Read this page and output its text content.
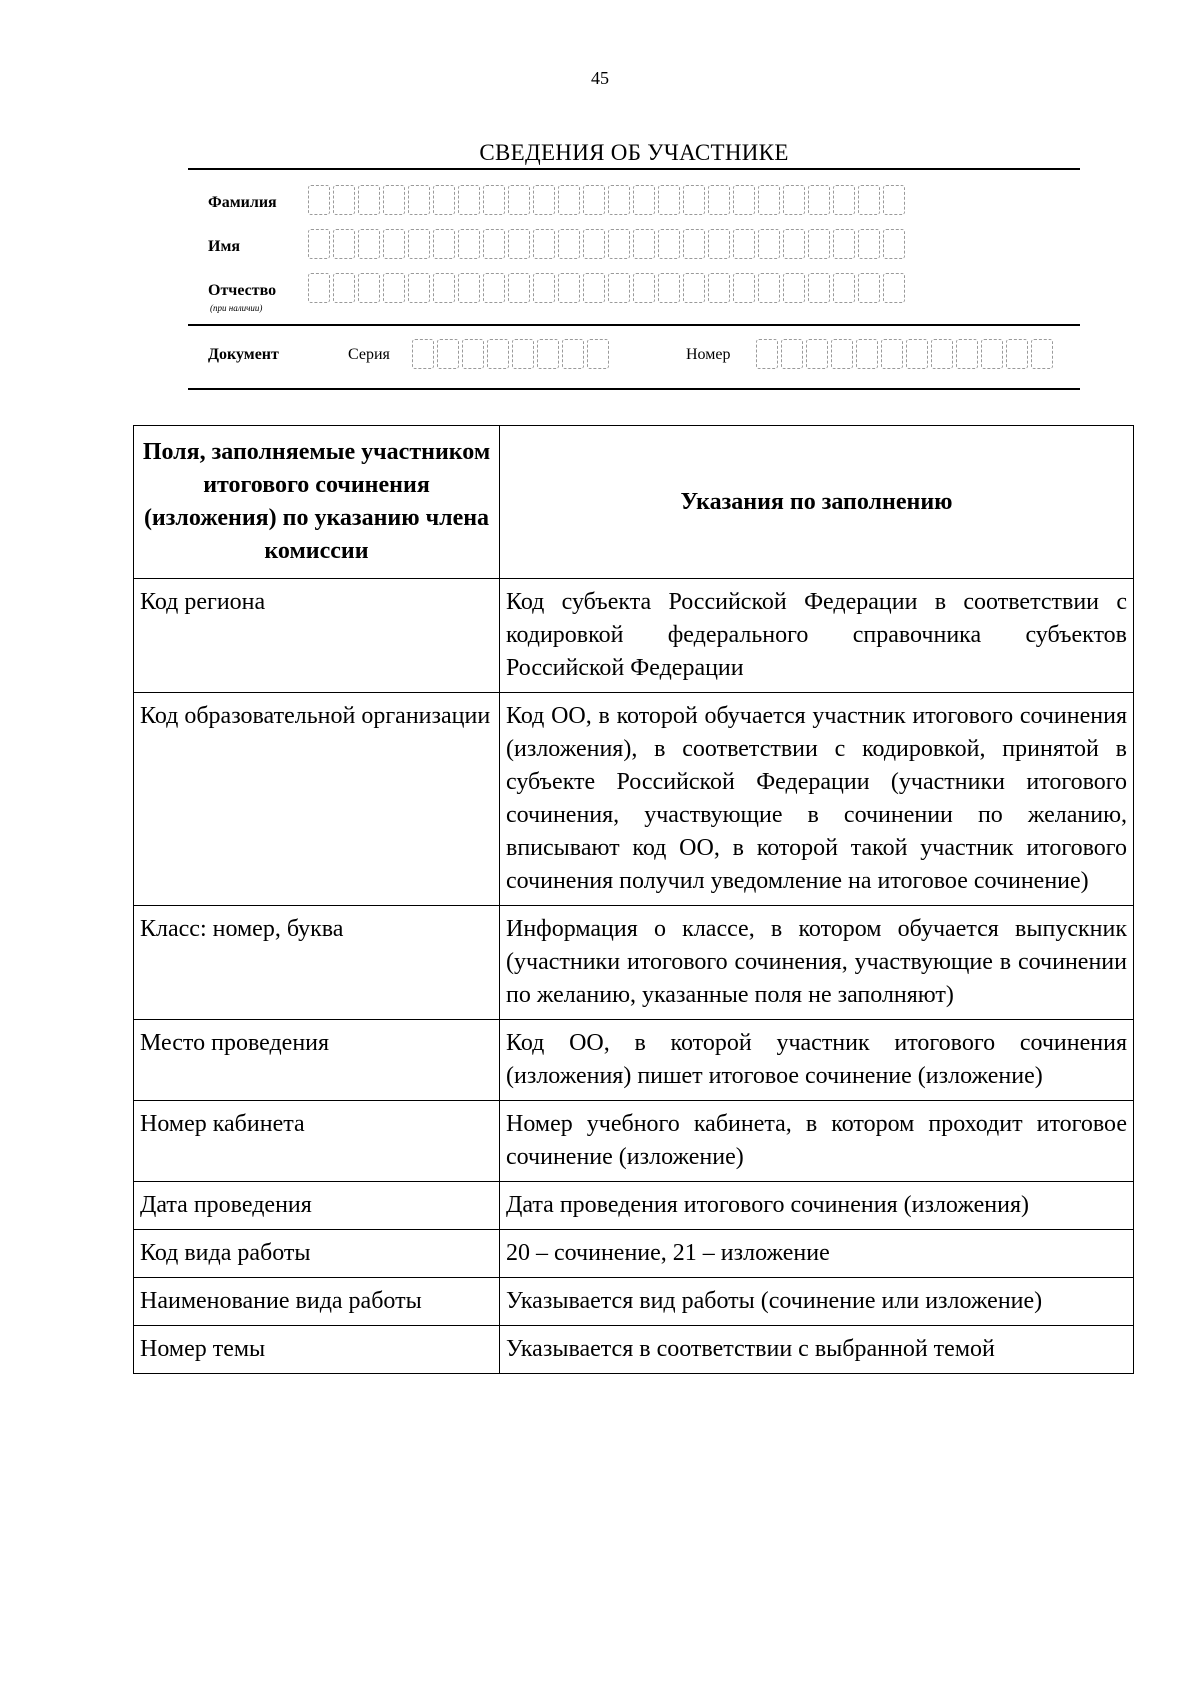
45
СВЕДЕНИЯ ОБ УЧАСТНИКЕ
Фамилия
Имя
Отчество
(при наличии)
Документ	Серия	Номер
Поля, заполняемые участником итогового сочинения (изложения) по указанию члена комиссии	Указания по заполнению
Код региона	Код субъекта Российской Федерации в соответствии с кодировкой федерального справочника субъектов Российской Федерации
Код образовательной организации	Код ОО, в которой обучается участник итогового сочинения (изложения), в соответствии с кодировкой, принятой в субъекте Российской Федерации (участники итогового сочинения, участвующие в сочинении по желанию, вписывают код ОО, в которой такой участник итогового сочинения получил уведомление на итоговое сочинение)
Класс: номер, буква	Информация о классе, в котором обучается выпускник (участники итогового сочинения, участвующие в сочинении по желанию, указанные поля не заполняют)
Место проведения	Код ОО, в которой участник итогового сочинения (изложения) пишет итоговое сочинение (изложение)
Номер кабинета	Номер учебного кабинета, в котором проходит итоговое сочинение (изложение)
Дата проведения	Дата проведения итогового сочинения (изложения)
Код вида работы	20 – сочинение, 21 – изложение
Наименование вида работы	Указывается вид работы (сочинение или изложение)
Номер темы	Указывается в соответствии с выбранной темой
